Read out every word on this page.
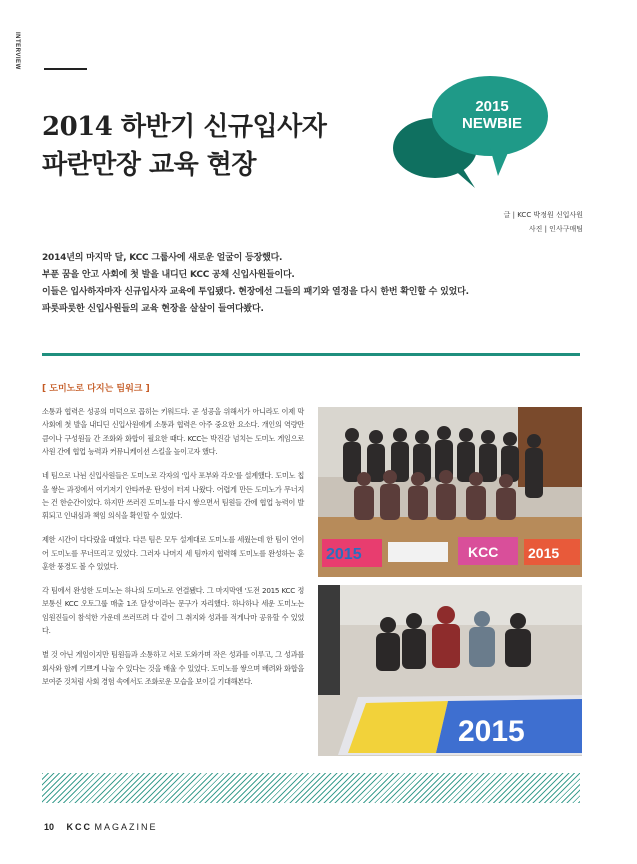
INTERVIEW
2014 하반기 신규입사자
파란만장 교육 현장
2015
NEWBIE
글 | KCC 박정원 신입사원
사진 | 인사구매팀
2014년의 마지막 달, KCC 그룹사에 새로운 얼굴이 등장했다.
부푼 꿈을 안고 사회에 첫 발을 내디딘 KCC 공채 신입사원들이다.
이들은 입사하자마자 신규입사자 교육에 투입됐다. 현장에선 그들의 패기와 열정을 다시 한번 확인할 수 있었다.
파릇파릇한 신입사원들의 교육 현장을 살살이 들여다봤다.
[ 도미노로 다지는 팀워크 ]

소통과 협력은 성공의 미덕으로 꼽히는 키워드다. 곧 성공을 위해서가 아니라도 이제 막 사회에 첫 발을 내디딘 신입사원에게 소통과 협력은 아주 중요한 요소다. 개인의 역량만큼이나 구성원들 간 조화와 화합이 필요한 때다. KCC는 박진감 넘치는 도미노 게임으로 사원 간에 협업 능력과 커뮤니케이션 스킬을 높이고자 했다.

네 팀으로 나뉜 신입사원들은 도미노로 각자의 '입사 포부와 각오'를 설계했다. 도미노 칩을 쌓는 과정에서 여기저기 안타까운 탄성이 터져 나왔다. 어렵게 만든 도미노가 무너지는 건 한순간이었다. 하지만 쓰러진 도미노를 다시 쌓으면서 팀원들 간에 협업 능력이 발휘되고 인내심과 책임 의식을 확인할 수 있었다.

제한 시간이 다다랐을 때였다. 다른 팀은 모두 설계대로 도미노를 세웠는데 한 팀이 연이어 도미노를 무너뜨리고 있었다. 그러자 나머지 세 팀까지 협력해 도미노를 완성하는 훈훈한 풍경도 볼 수 있었다.

각 팀에서 완성한 도미노는 하나의 도미노로 연결됐다. 그 마지막엔 '도전 2015 KCC 정보통신 KCC 오토그룹 매출 1조 달성'이라는 문구가 자리했다. 하나하나 세운 도미노는 임원진들이 참석한 가운데 쓰러뜨려 다 같이 그 취지와 성과를 적게나마 공유할 수 있었다.

별 것 아닌 게임이지만 팀원들과 소통하고 서로 도와가며 작은 성과를 이루고, 그 성과를 회사와 함께 기쁘게 나눌 수 있다는 것을 배울 수 있었다. 도미노를 쌓으며 배려와 화합을 보여준 것처럼 사회 경험 속에서도 조화로운 모습을 보이길 기대해본다.

2015	KCC 2015
2015
10 KCC MAGAZINE
